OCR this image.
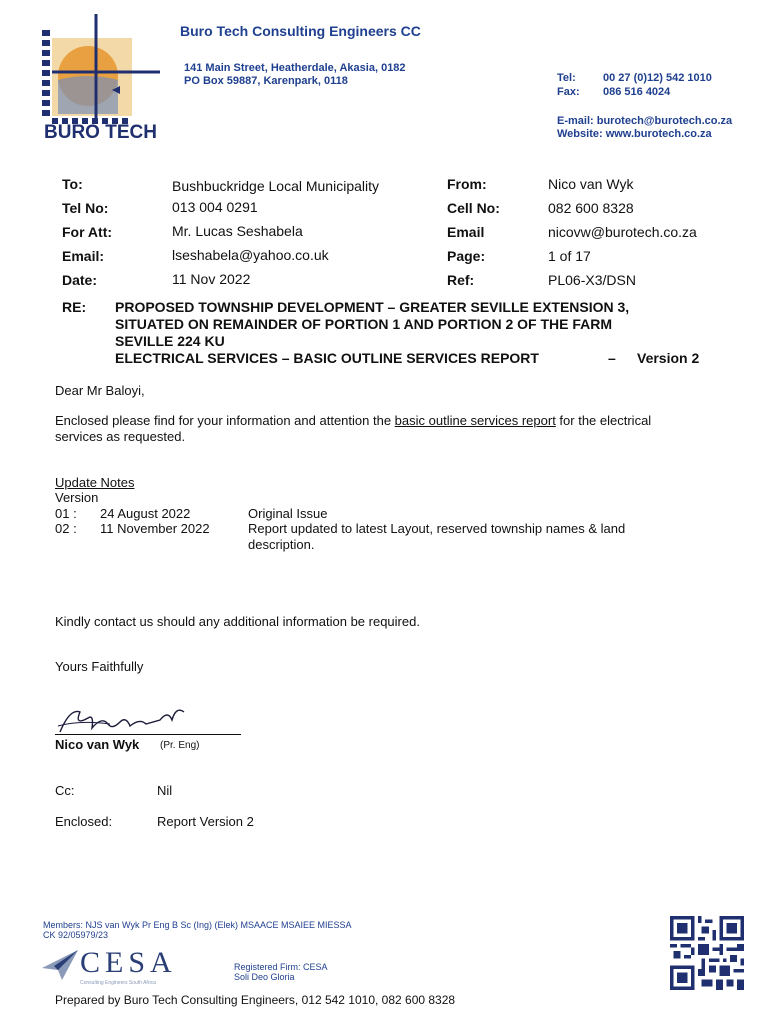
BURO TECH
Buro Tech Consulting Engineers CC
141 Main Street, Heatherdale, Akasia, 0182
PO Box 59887, Karenpark, 0118	Tel: 00 27 (0)12) 542 1010
Fax: 086 516 4024
E-mail: burotech@burotech.co.za
Website: www.burotech.co.za
To:	Bushbuckridge Local Municipality
Tel No:	013 004 0291
For Att:	Mr. Lucas Seshabela
Email:	lseshabela@yahoo.co.uk
Date:	11 Nov 2022
From:	Nico van Wyk
Cell No:	082 600 8328
Email	nicovw@burotech.co.za
Page:	1 of 17
Ref:	PL06-X3/DSN
RE: PROPOSED TOWNSHIP DEVELOPMENT – GREATER SEVILLE EXTENSION 3,
SITUATED ON REMAINDER OF PORTION 1 AND PORTION 2 OF THE FARM
SEVILLE 224 KU
ELECTRICAL SERVICES – BASIC OUTLINE SERVICES REPORT	– Version 2
Dear Mr Baloyi,
Enclosed please find for your information and attention the basic outline services report for the electrical
services as requested.
Update Notes
Version
01 : 24 August 2022	Original Issue
02 : 11 November 2022	Report updated to latest Layout, reserved township names & land
description.
Kindly contact us should any additional information be required.
Yours Faithfully
Nico van Wyk (Pr. Eng)
Cc:	Nil
Enclosed:	Report Version 2
Members: NJS van Wyk Pr Eng B Sc (Ing) (Elek) MSAACE MSAIEE MIESSA
CK 92/05979/23
CESA
Consulting Engineers South Africa
Registered Firm: CESA
Soli Deo Gloria
Prepared by Buro Tech Consulting Engineers, 012 542 1010, 082 600 8328
